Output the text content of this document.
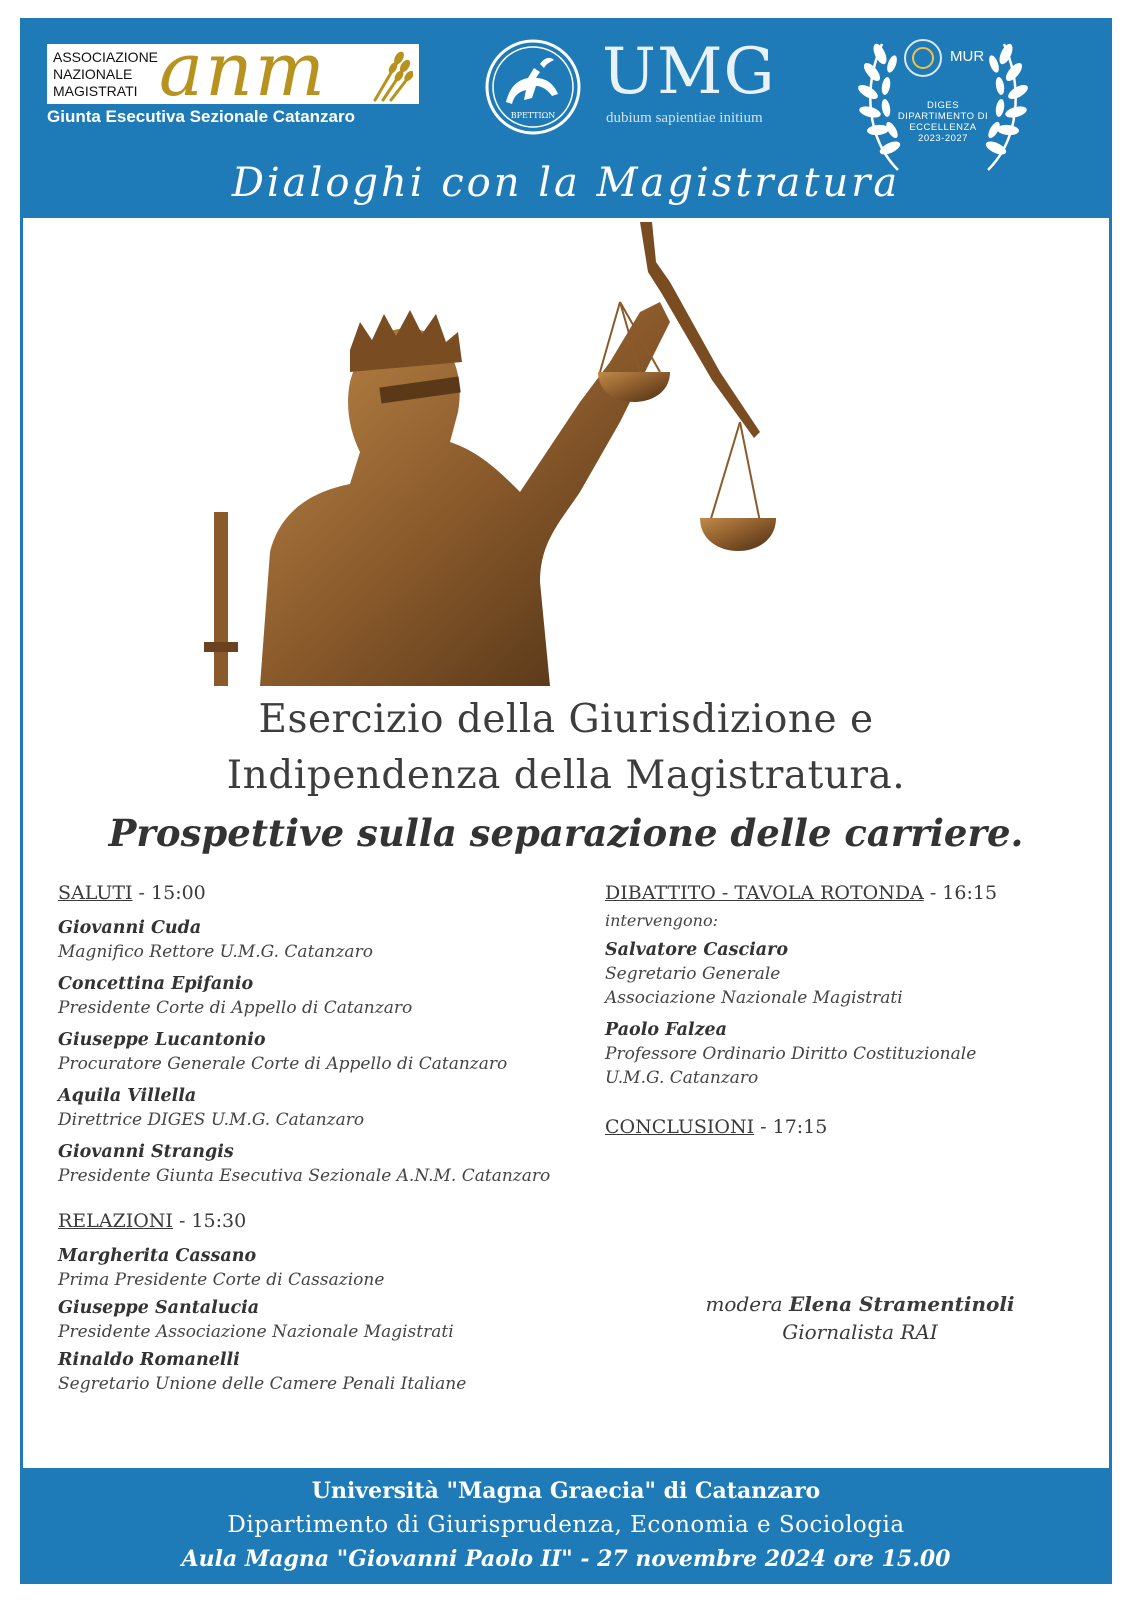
ASSOCIAZIONE
NAZIONALE
MAGISTRATI anm
Giunta Esecutiva Sezionale Catanzaro	ΒΡΕΤΤΙΩΝ
UMG
dubium sapientiae initium
MUR
DIGES
DIPARTIMENTO DI
ECCELLENZA
2023-2027
Dialoghi con la Magistratura
Esercizio della Giurisdizione e
Indipendenza della Magistratura.
Prospettive sulla separazione delle carriere.
SALUTI - 15:00
Giovanni Cuda
Magnifico Rettore U.M.G. Catanzaro
Concettina Epifanio
Presidente Corte di Appello di Catanzaro
Giuseppe Lucantonio
Procuratore Generale Corte di Appello di Catanzaro
Aquila Villella
Direttrice DIGES U.M.G. Catanzaro
Giovanni Strangis
Presidente Giunta Esecutiva Sezionale A.N.M. Catanzaro
RELAZIONI - 15:30
Margherita Cassano
Prima Presidente Corte di Cassazione
Giuseppe Santalucia
Presidente Associazione Nazionale Magistrati
Rinaldo Romanelli
Segretario Unione delle Camere Penali Italiane
DIBATTITO - TAVOLA ROTONDA - 16:15
intervengono:
Salvatore Casciaro
Segretario Generale
Associazione Nazionale Magistrati
Paolo Falzea
Professore Ordinario Diritto Costituzionale
U.M.G. Catanzaro
CONCLUSIONI - 17:15
modera Elena Stramentinoli
Giornalista RAI
Università "Magna Graecia" di Catanzaro
Dipartimento di Giurisprudenza, Economia e Sociologia
Aula Magna "Giovanni Paolo II" - 27 novembre 2024 ore 15.00
